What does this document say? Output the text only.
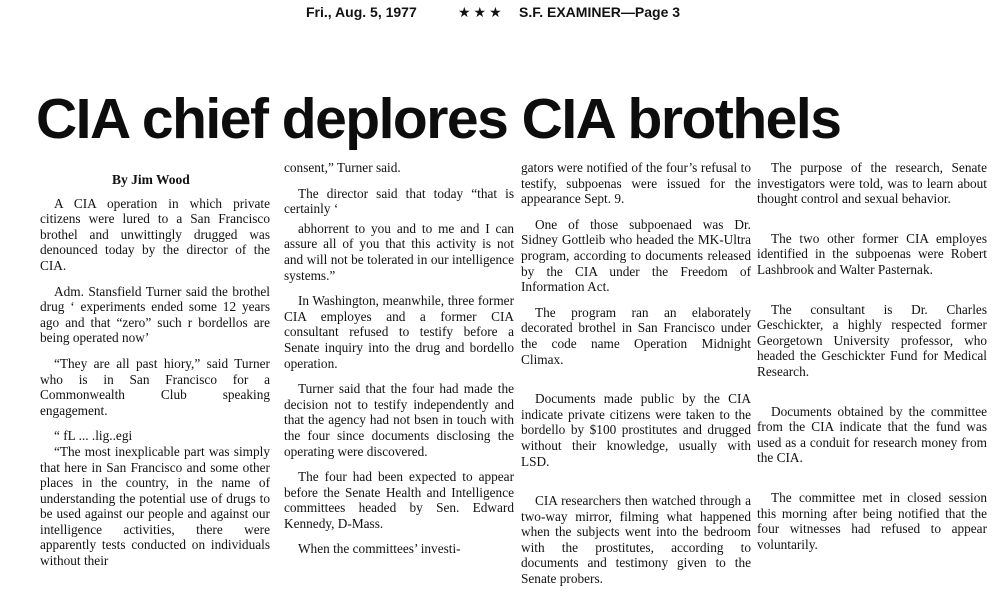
Fri., Aug. 5, 1977	★★★ S.F. EXAMINER—Page 3
CIA chief deplores CIA brothels

By Jim Wood

A CIA operation in which private citizens were lured to a San Francisco brothel and unwittingly drugged was denounced today by the director of the CIA.

Adm. Stansfield Turner said the brothel drug ‘ experiments ended some 12 years ago and that “zero” such r bordellos are being operated now’

“They are all past hiory,” said Turner who is in San Francisco for a Commonwealth Club speaking engagement.

“ fL ... .lig..egi

“The most inexplicable part was simply that here in San Francisco and some other places in the country, in the name of understanding the potential use of drugs to be used against our people and against our intelligence activities, there were apparently tests conducted on individuals without their

consent,” Turner said.

The director said that today “that is certainly ‘

abhorrent to you and to me and I can assure all of you that this activity is not and will not be tolerated in our intelligence systems.”

In Washington, meanwhile, three former CIA employes and a former CIA consultant refused to testify before a Senate inquiry into the drug and bordello operation.

Turner said that the four had made the decision not to testify independently and that the agency had not bsen in touch with the four since documents disclosing the operating were discovered.

The four had been expected to appear before the Senate Health and Intelligence committees headed by Sen. Edward Kennedy, D-Mass.

When the committees’ investi-

gators were notified of the four’s refusal to testify, subpoenas were issued for the appearance Sept. 9.

One of those subpoenaed was Dr. Sidney Gottleib who headed the MK-Ultra program, according to documents released by the CIA under the Freedom of Information Act.

The program ran an elaborately decorated brothel in San Francisco under the code name Operation Midnight Climax.

Documents made public by the CIA indicate private citizens were taken to the bordello by $100 prostitutes and drugged without their knowledge, usually with LSD.

CIA researchers then watched through a two-way mirror, filming what happened when the subjects went into the bedroom with the prostitutes, according to documents and testimony given to the Senate probers.

The purpose of the research, Senate investigators were told, was to learn about thought control and sexual behavior.

The two other former CIA employes identified in the subpoenas were Robert Lashbrook and Walter Pasternak.

The consultant is Dr. Charles Geschickter, a highly respected former Georgetown University professor, who headed the Geschickter Fund for Medical Research.

Documents obtained by the committee from the CIA indicate that the fund was used as a conduit for research money from the CIA.

The committee met in closed session this morning after being notified that the four witnesses had refused to appear voluntarily.
